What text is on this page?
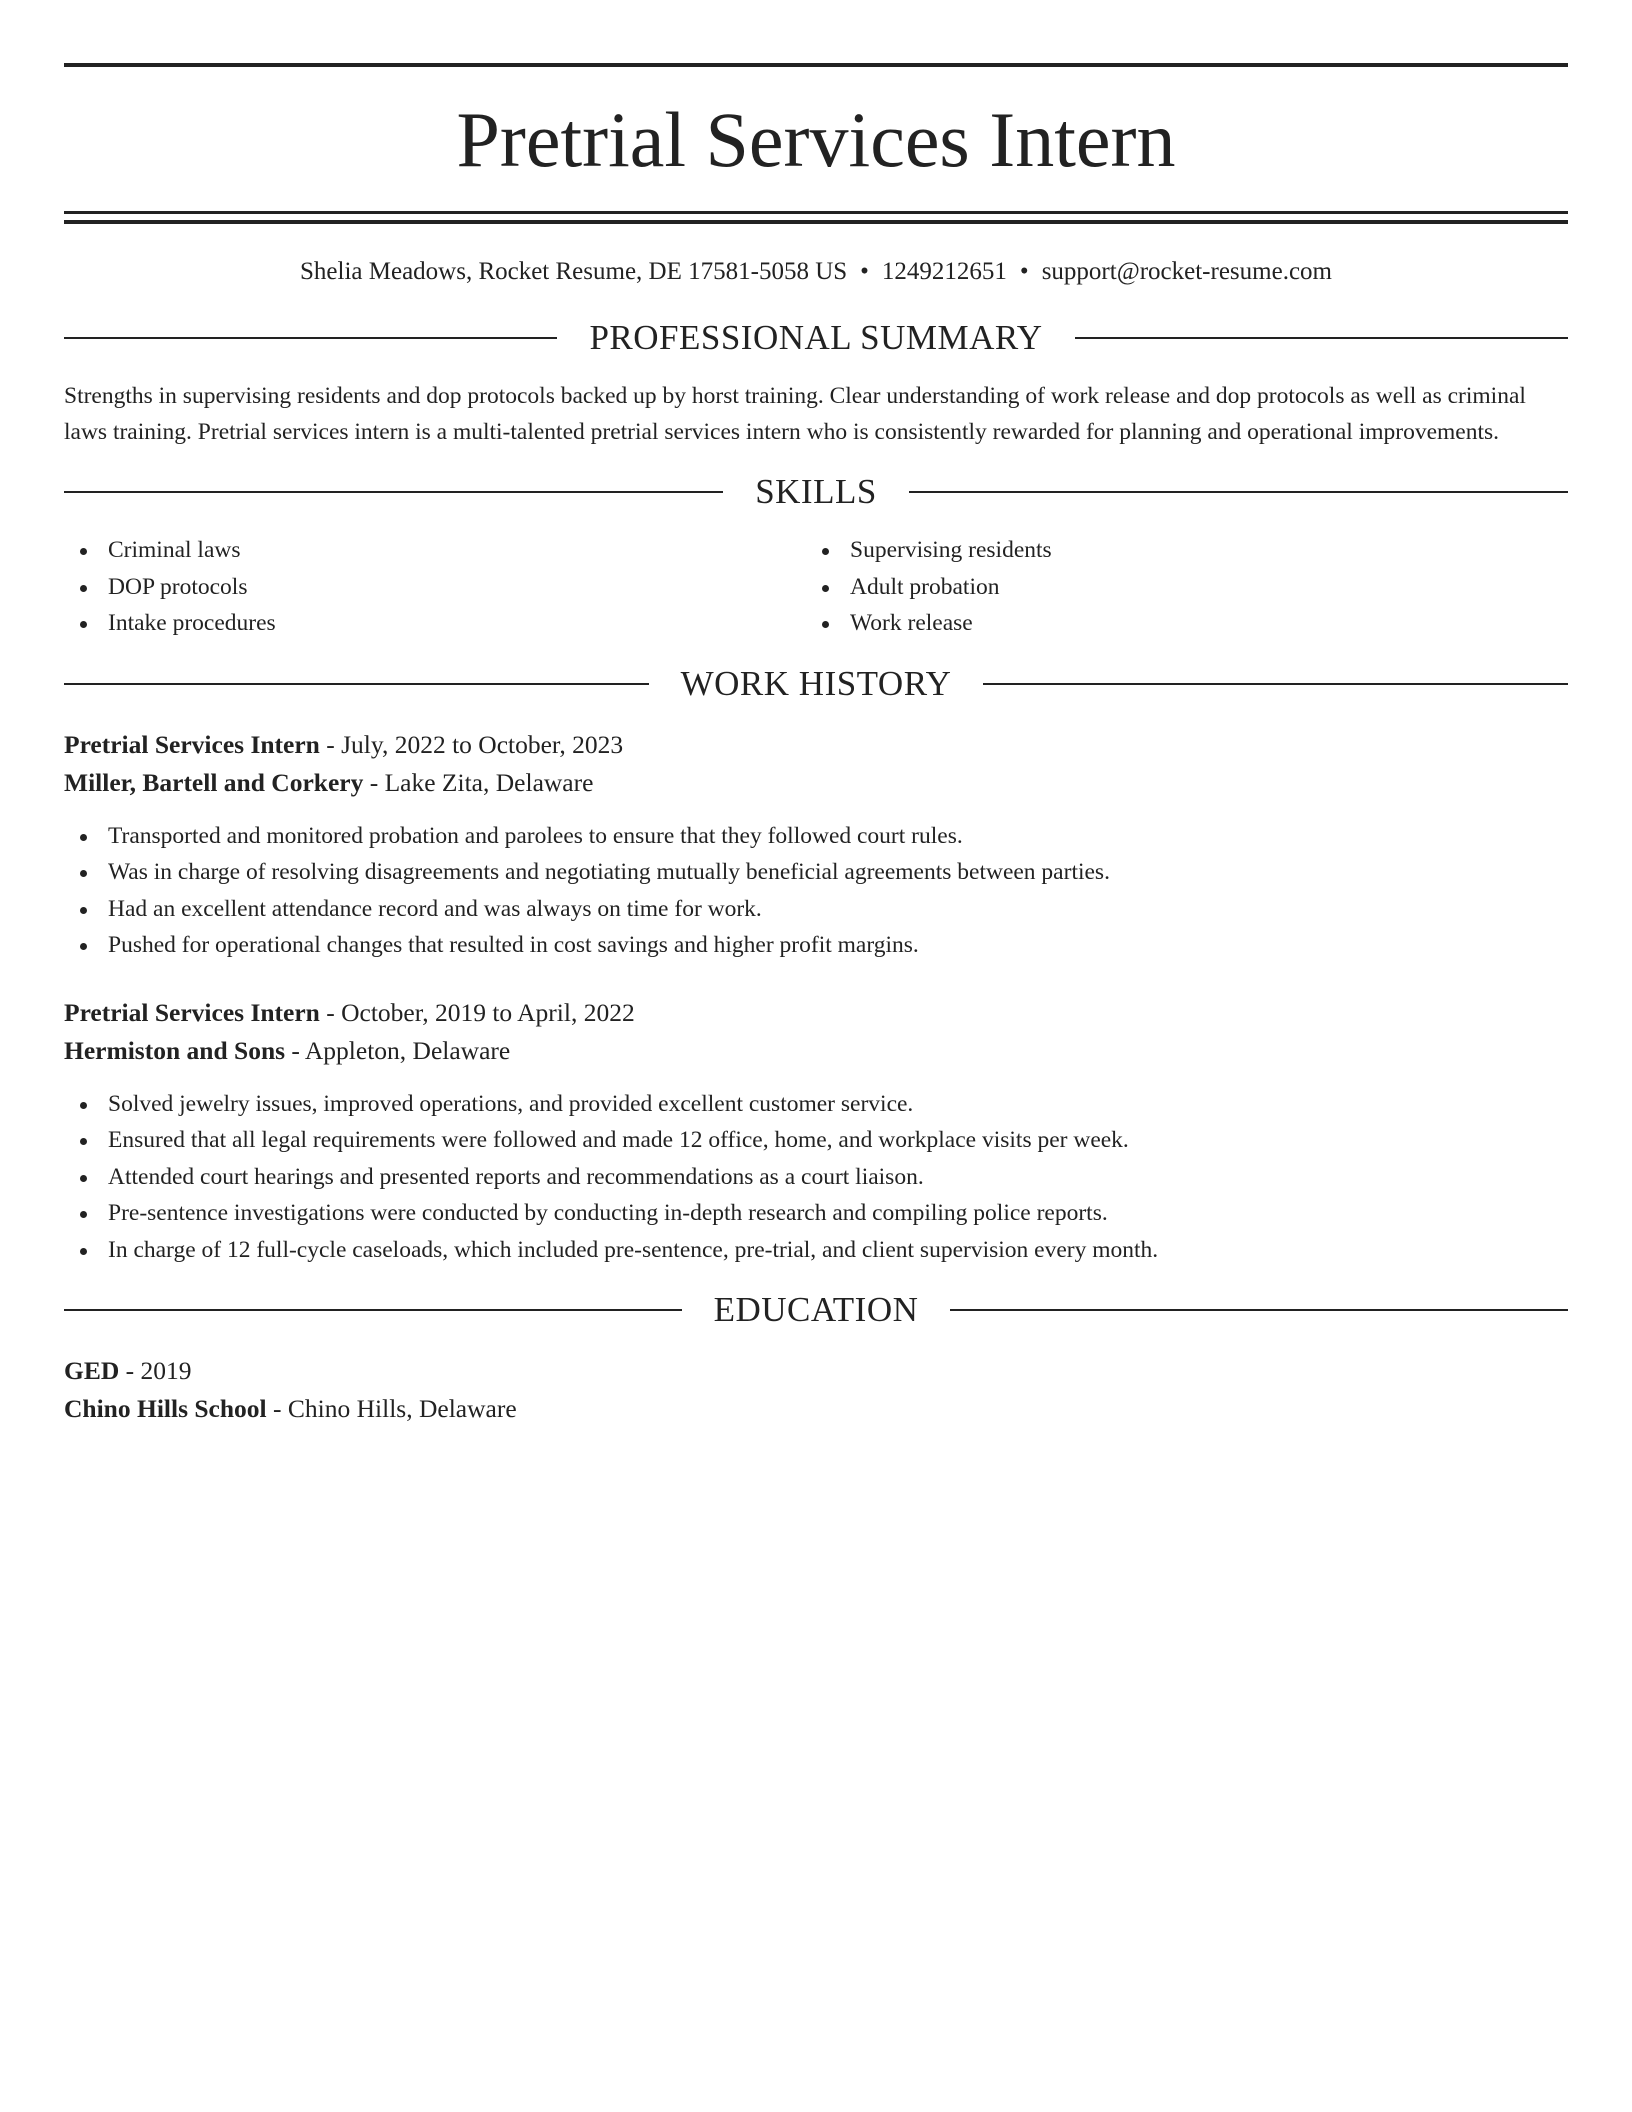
Pretrial Services Intern
Shelia Meadows, Rocket Resume, DE 17581-5058 US • 1249212651 • support@rocket-resume.com
PROFESSIONAL SUMMARY
Strengths in supervising residents and dop protocols backed up by horst training. Clear understanding of work release and dop protocols as well as criminal laws training. Pretrial services intern is a multi-talented pretrial services intern who is consistently rewarded for planning and operational improvements.
SKILLS
Criminal laws
DOP protocols
Intake procedures
Supervising residents
Adult probation
Work release
WORK HISTORY
Pretrial Services Intern - July, 2022 to October, 2023
Miller, Bartell and Corkery - Lake Zita, Delaware
Transported and monitored probation and parolees to ensure that they followed court rules.
Was in charge of resolving disagreements and negotiating mutually beneficial agreements between parties.
Had an excellent attendance record and was always on time for work.
Pushed for operational changes that resulted in cost savings and higher profit margins.
Pretrial Services Intern - October, 2019 to April, 2022
Hermiston and Sons - Appleton, Delaware
Solved jewelry issues, improved operations, and provided excellent customer service.
Ensured that all legal requirements were followed and made 12 office, home, and workplace visits per week.
Attended court hearings and presented reports and recommendations as a court liaison.
Pre-sentence investigations were conducted by conducting in-depth research and compiling police reports.
In charge of 12 full-cycle caseloads, which included pre-sentence, pre-trial, and client supervision every month.
EDUCATION
GED - 2019
Chino Hills School - Chino Hills, Delaware
